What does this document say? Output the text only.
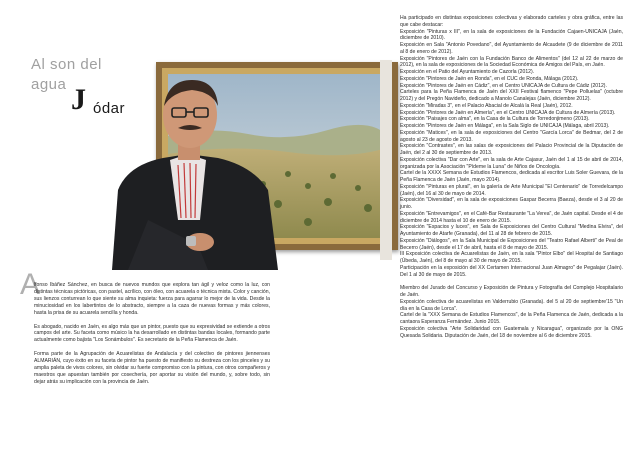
Al son del
agua J ódar
A

lfonso Ibáñez Sánchez, en busca de nuevos mundos que explora tan ágil y veloz como la luz, con distintas técnicas pictóricas, con pastel, acrílico, con óleo, con acuarela o técnica mixta. Color y canción, sus lienzos conturrean lo que siente su alma inquieta: fuerza para agarrar lo mejor de la vida. Desde la minuciosidad en los labertintos de lo abstracto, siempre a la caza de nuevas formas y más colores, hasta la prisa de su acuarela sencilla y honda.

Es abogado, nacido en Jaén, es algo más que un pintor, puesto que su expresividad se extiende a otros campos del arte. Su faceta como músico la ha desarrollado en distintas bandas locales, formando parte actualmente como bajista "Los Sonámbulos". Es secretario de la Peña Flamenca de Jaén.

Forma parte de la Agrupación de Acuarelistas de Andalucía y del colectivo de pintores jiennenses ALMARIÁN, cuyo éxito en su faceta de pintor ha puesto de manifiesto su destreza con los pinceles y su amplia paleta de vivos colores, sin olvidar su fuerte compromiso con la pintura, con otros compañeros y maestros que apuestan también por cosechería, por aportar su visión del mundo, y, sobre todo, sin dejar atrás su implicación con la provincia de Jaén.

Ha participado en distintas exposiciones colectivas y elaborado carteles y obra gráfica, entre las que cabe destacar:

Exposición "Pinturas x III", en la sala de exposiciones de la Fundación Cajaen-UNICAJA (Jaén, diciembre de 2010).

Exposición en Sala "Antonio Povedano", del Ayuntamiento de Alcaudete (9 de diciembre de 2011 al 8 de enero de 2012).

Exposición "Pintores de Jaén con la Fundación Banco de Alimentos" (del 12 al 22 de marzo de 2012), en la sala de exposiciones de la Sociedad Económica de Amigos del País, en Jaén.

Exposición en el Patio del Ayuntamiento de Cazorla (2012).

Exposición "Pintores de Jaén en Ronda", en el CUC de Ronda, Málaga (2012).

Exposición "Pintores de Jaén en Cádiz", en el Centro UNICAJA de Cultura de Cádiz (2012).

Carteles para la Peña Flamenca de Jaén del XXII Festival flamenco "Pepe Polluelas" (octubre 2012) y del Pregón Navideño, dedicado a Manolo Canalejas (Jaén, diciembre 2012).

Exposición "Miradas 3", en el Palacio Abacial de Alcalá la Real (Jaén), 2012.

Exposición "Pintores de Jaén en Almería", en el Centro UNICAJA de Cultura de Almería (2013).

Exposición "Paisajes con alma", en la Casa de la Cultura de Torredonjimeno (2013).

Exposición "Pintores de Jaén en Málaga", en la Sala Siglo de UNICAJA (Málaga, abril 2013).

Exposición "Matices", en la sala de exposiciones del Centro "García Lorca" de Bedmar, del 2 de agosto al 23 de agosto de 2013.

Exposición "Contrastes", en las salas de exposiciones del Palacio Provincial de la Diputación de Jaén, del 2 al 30 de septiembre de 2013.

Exposición colectiva "Dar con Arte", en la sala de Arte Cajasur, Jaén del 1 al 15 de abril de 2014, organizada por la Asociación "Pídeme la Luna" de Niños de Oncología.

Cartel de la XXXX Semana de Estudios Flamencos, dedicada al escritor Luis Soler Guevara, de la Peña Flamenca de Jaén (Jaén, mayo 2014).

Exposición "Pinturas en plural", en la galería de Arte Municipal "El Centenario" de Torredelcampo (Jaén), del 16 al 30 de mayo de 2014.

Exposición "Diversidad", en la sala de exposiciones Gaspar Becerra (Baeza), desde el 3 al 20 de junio.

Exposición "Entrevamigos", en el Café-Bar Restaurante "La Verea", de Jaén capital. Desde el 4 de diciembre de 2014 hasta el 10 de enero de 2015.

Exposición "Espacios y luces", en Sala de Exposiciones del Centro Cultural "Medina Elvira", del Ayuntamiento de Atarfe (Granada), del 11 al 28 de febrero de 2015.

Exposición "Diálogos", en la Sala Municipal de Exposiciones del "Teatro Rafael Alberti" de Peal de Becerro (Jaén), desde el 17 de abril, hasta el 8 de mayo de 2015.

III Exposición colectiva de Acuarelistas de Jaén, en la sala "Pintor Elbo" del Hospital de Santiago (Úbeda, Jaén), del 8 de mayo al 30 de mayo de 2015.

Participación en la exposición del XX Certamen Internacional Juan Almagro" de Pegalajar (Jaén). Del 1 al 30 de mayo de 2015.

Miembro del Jurado del Concurso y Exposición de Pintura y Fotografía del Complejo Hospitalario de Jaén.

Exposición colectiva de acuarelistas en Valderrubio (Granada). del 5 al 20 de septiembre'15 "Un día en la Casa de Lorca".

Cartel de la "XXX Semana de Estudios Flamencos", de la Peña Flamenca de Jaén, dedicada a la cantaora Esperanza Fernández. Junio 2015.

Exposición colectiva "Arte Solidaridad con Guatemala y Nicaragua", organizado por la ONG Quesada Solidaria. Diputación de Jaén, del 18 de noviembre al 6 de diciembre 2015.
